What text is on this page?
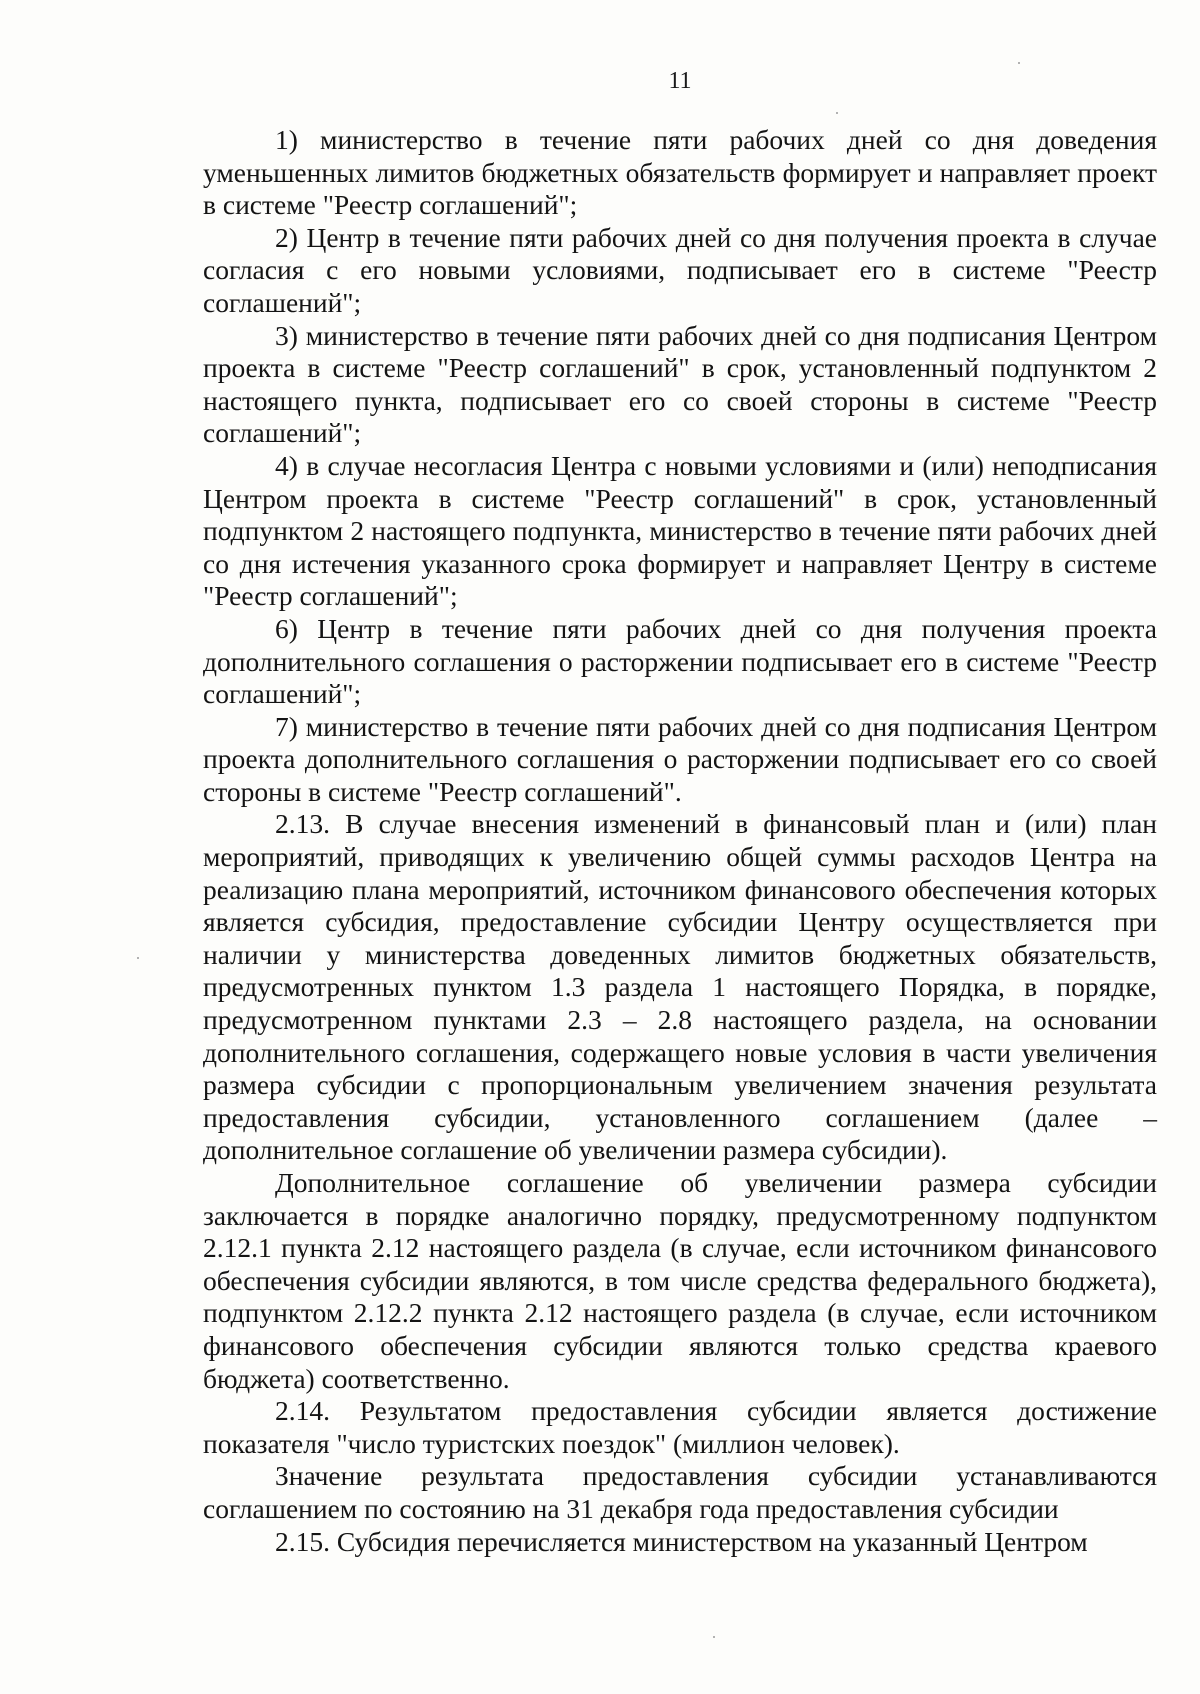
11

1) министерство в течение пяти рабочих дней со дня доведения уменьшенных лимитов бюджетных обязательств формирует и направляет проект в системе "Реестр соглашений";

2) Центр в течение пяти рабочих дней со дня получения проекта в случае согласия с его новыми условиями, подписывает его в системе "Реестр соглашений";

3) министерство в течение пяти рабочих дней со дня подписания Центром проекта в системе "Реестр соглашений" в срок, установленный подпунктом 2 настоящего пункта, подписывает его со своей стороны в системе "Реестр соглашений";

4) в случае несогласия Центра с новыми условиями и (или) неподписания Центром проекта в системе "Реестр соглашений" в срок, установленный подпунктом 2 настоящего подпункта, министерство в течение пяти рабочих дней со дня истечения указанного срока формирует и направляет Центру в системе "Реестр соглашений";

6) Центр в течение пяти рабочих дней со дня получения проекта дополнительного соглашения о расторжении подписывает его в системе "Реестр соглашений";

7) министерство в течение пяти рабочих дней со дня подписания Центром проекта дополнительного соглашения о расторжении подписывает его со своей стороны в системе "Реестр соглашений".

2.13. В случае внесения изменений в финансовый план и (или) план мероприятий, приводящих к увеличению общей суммы расходов Центра на реализацию плана мероприятий, источником финансового обеспечения которых является субсидия, предоставление субсидии Центру осуществляется при наличии у министерства доведенных лимитов бюджетных обязательств, предусмотренных пунктом 1.3 раздела 1 настоящего Порядка, в порядке, предусмотренном пунктами 2.3 – 2.8 настоящего раздела, на основании дополнительного соглашения, содержащего новые условия в части увеличения размера субсидии с пропорциональным увеличением значения результата предоставления субсидии, установленного соглашением (далее – дополнительное соглашение об увеличении размера субсидии).

Дополнительное соглашение об увеличении размера субсидии заключается в порядке аналогично порядку, предусмотренному подпунктом 2.12.1 пункта 2.12 настоящего раздела (в случае, если источником финансового обеспечения субсидии являются, в том числе средства федерального бюджета), подпунктом 2.12.2 пункта 2.12 настоящего раздела (в случае, если источником финансового обеспечения субсидии являются только средства краевого бюджета) соответственно.

2.14. Результатом предоставления субсидии является достижение показателя "число туристских поездок" (миллион человек).

Значение результата предоставления субсидии устанавливаются соглашением по состоянию на 31 декабря года предоставления субсидии

2.15. Субсидия перечисляется министерством на указанный Центром
